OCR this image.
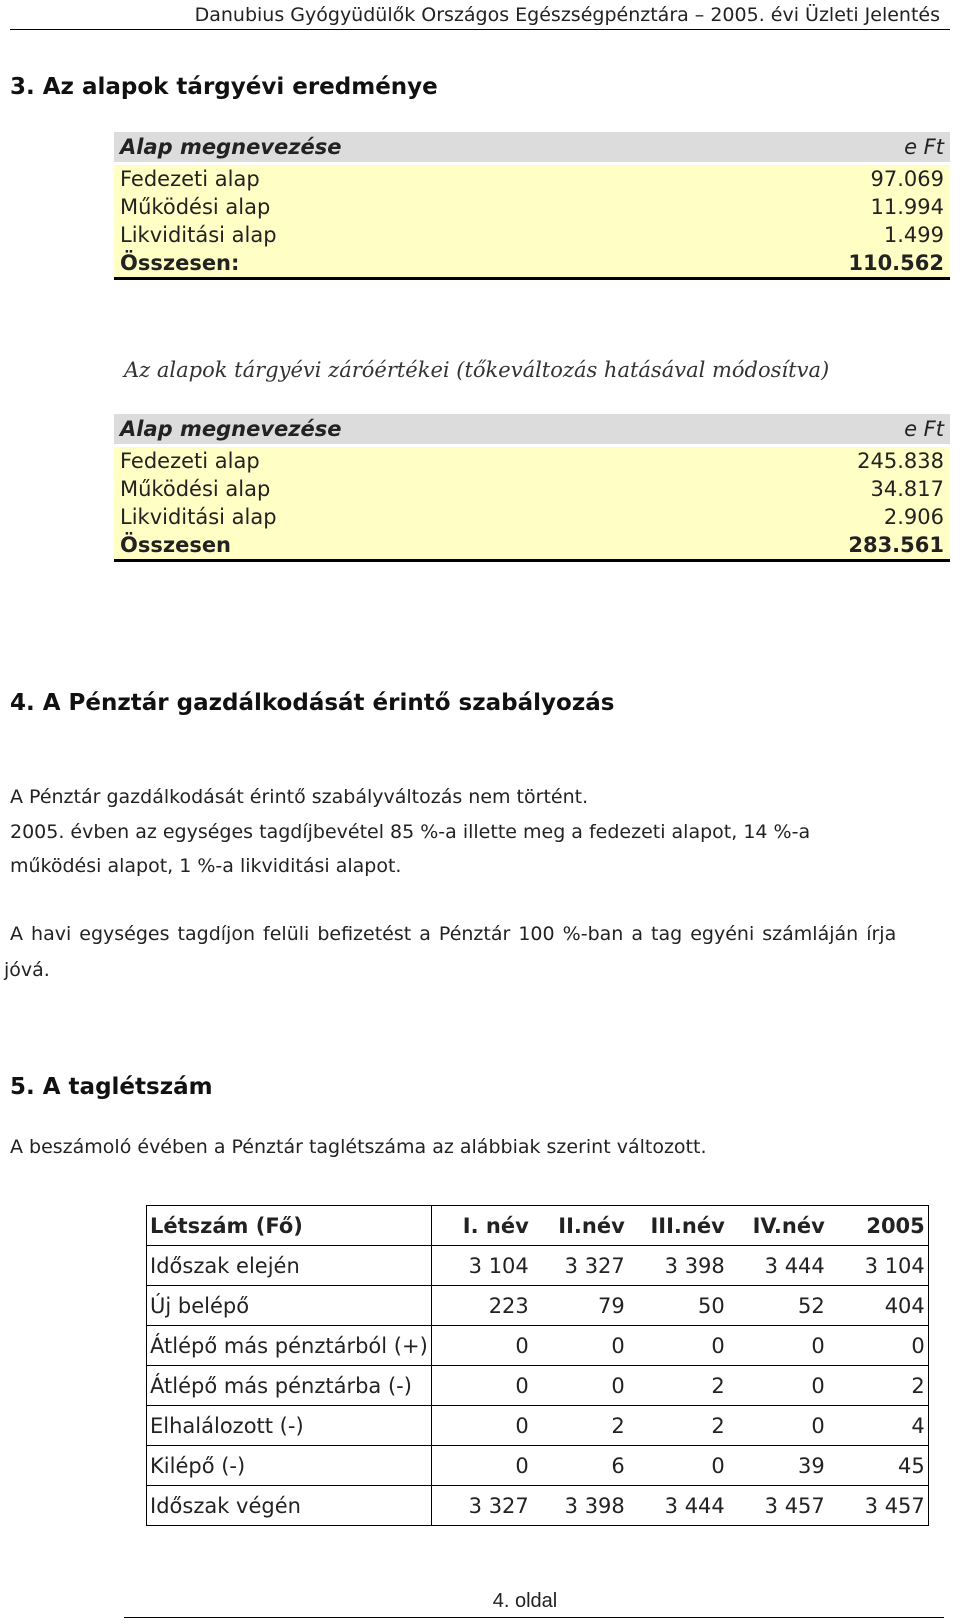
Danubius Gyógyüdülők Országos Egészségpénztára – 2005. évi Üzleti Jelentés
3. Az alapok tárgyévi eredménye
Alap megnevezése	e Ft
Fedezeti alap	97.069
Működési alap	11.994
Likviditási alap	1.499
Összesen:	110.562
Az alapok tárgyévi záróértékei (tőkeváltozás hatásával módosítva)
Alap megnevezése	e Ft
Fedezeti alap	245.838
Működési alap	34.817
Likviditási alap	2.906
Összesen	283.561
4. A Pénztár gazdálkodását érintő szabályozás
A Pénztár gazdálkodását érintő szabályváltozás nem történt.
2005. évben az egységes tagdíjbevétel 85 %-a illette meg a fedezeti alapot, 14 %-a
működési alapot, 1 %-a likviditási alapot.
A havi egységes tagdíjon felüli befizetést a Pénztár 100 %-ban a tag egyéni számláján írja
jóvá.
5. A taglétszám
A beszámoló évében a Pénztár taglétszáma az alábbiak szerint változott.
Létszám (Fő)	I. név	II.név	III.név	IV.név	2005
Időszak elején	3 104	3 327	3 398	3 444	3 104
Új belépő	223	79	50	52	404
Átlépő más pénztárból (+)	0	0	0	0	0
Átlépő más pénztárba (-)	0	0	2	0	2
Elhalálozott (-)	0	2	2	0	4
Kilépő (-)	0	6	0	39	45
Időszak végén	3 327	3 398	3 444	3 457	3 457
4. oldal
